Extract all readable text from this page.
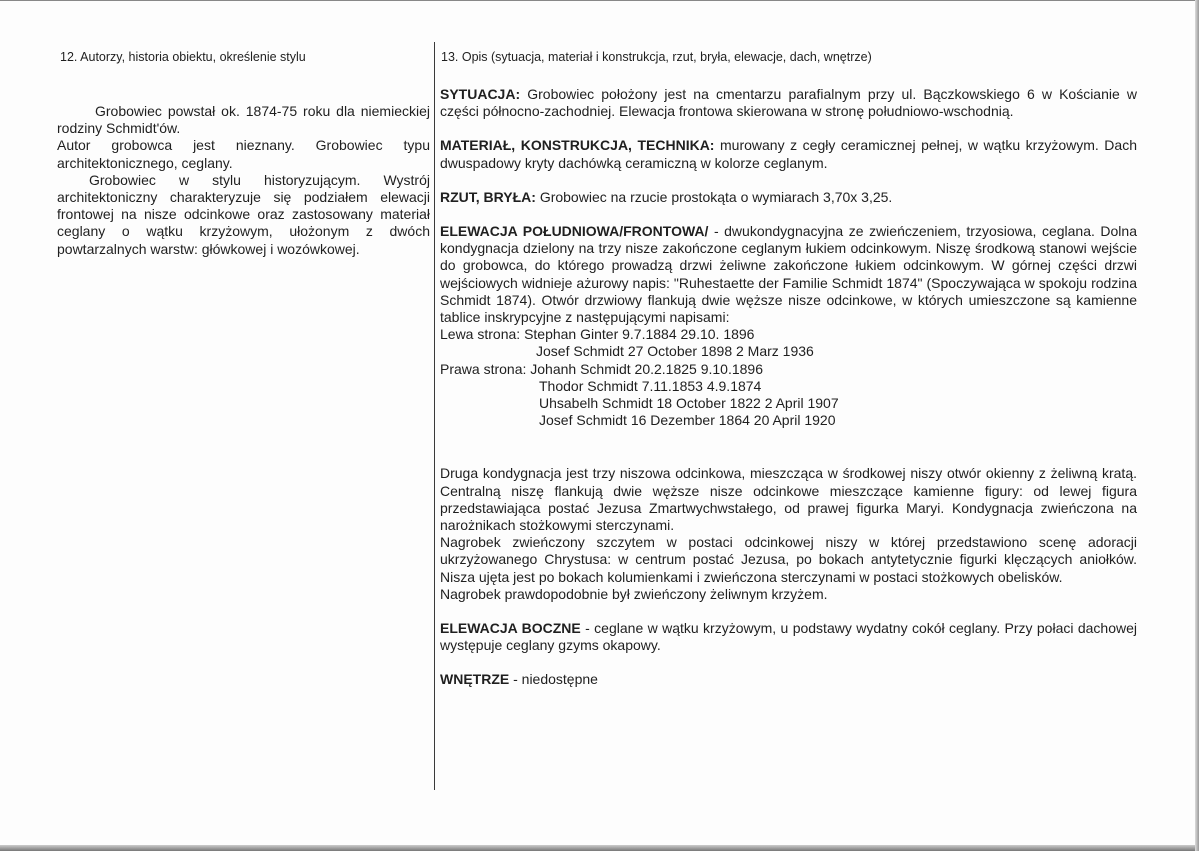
12. Autorzy, historia obiektu, określenie stylu	13. Opis (sytuacja, materiał i konstrukcja, rzut, bryła, elewacje, dach, wnętrze)

Grobowiec powstał ok. 1874-75 roku dla niemieckiej rodziny Schmidt'ów.

Autor grobowca jest nieznany. Grobowiec typu architektonicznego, ceglany.

Grobowiec w stylu historyzującym. Wystrój architektoniczny charakteryzuje się podziałem elewacji frontowej na nisze odcinkowe oraz zastosowany materiał ceglany o wątku krzyżowym, ułożonym z dwóch powtarzalnych warstw: główkowej i wozówkowej.

SYTUACJA: Grobowiec położony jest na cmentarzu parafialnym przy ul. Bączkowskiego 6 w Kościanie w części północno-zachodniej. Elewacja frontowa skierowana w stronę południowo-wschodnią.

MATERIAŁ, KONSTRUKCJA, TECHNIKA: murowany z cegły ceramicznej pełnej, w wątku krzyżowym. Dach dwuspadowy kryty dachówką ceramiczną w kolorze ceglanym.

RZUT, BRYŁA: Grobowiec na rzucie prostokąta o wymiarach 3,70x 3,25.

ELEWACJA POŁUDNIOWA/FRONTOWA/ - dwukondygnacyjna ze zwieńczeniem, trzyosiowa, ceglana. Dolna kondygnacja dzielony na trzy nisze zakończone ceglanym łukiem odcinkowym. Niszę środkową stanowi wejście do grobowca, do którego prowadzą drzwi żeliwne zakończone łukiem odcinkowym. W górnej części drzwi wejściowych widnieje ażurowy napis: "Ruhestaette der Familie Schmidt 1874" (Spoczywająca w spokoju rodzina Schmidt 1874). Otwór drzwiowy flankują dwie węższe nisze odcinkowe, w których umieszczone są kamienne tablice inskrypcyjne z następującymi napisami:

Lewa strona:
Stephan Ginter 9.7.1884 29.10. 1896
Josef Schmidt 27 October 1898 2 Marz 1936
Prawa strona:
Johanh Schmidt 20.2.1825 9.10.1896
Thodor Schmidt 7.11.1853 4.9.1874
Uhsabelh Schmidt 18 October 1822 2 April 1907
Josef Schmidt 16 Dezember 1864 20 April 1920

Druga kondygnacja jest trzy niszowa odcinkowa, mieszcząca w środkowej niszy otwór okienny z żeliwną kratą. Centralną niszę flankują dwie węższe nisze odcinkowe mieszczące kamienne figury: od lewej figura przedstawiająca postać Jezusa Zmartwychwstałego, od prawej figurka Maryi. Kondygnacja zwieńczona na narożnikach stożkowymi sterczynami.

Nagrobek zwieńczony szczytem w postaci odcinkowej niszy w której przedstawiono scenę adoracji ukrzyżowanego Chrystusa: w centrum postać Jezusa, po bokach antytetycznie figurki klęczących aniołków. Nisza ujęta jest po bokach kolumienkami i zwieńczona sterczynami w postaci stożkowych obelisków.

Nagrobek prawdopodobnie był zwieńczony żeliwnym krzyżem.

ELEWACJA BOCZNE - ceglane w wątku krzyżowym, u podstawy wydatny cokół ceglany. Przy połaci dachowej występuje ceglany gzyms okapowy.

WNĘTRZE - niedostępne
